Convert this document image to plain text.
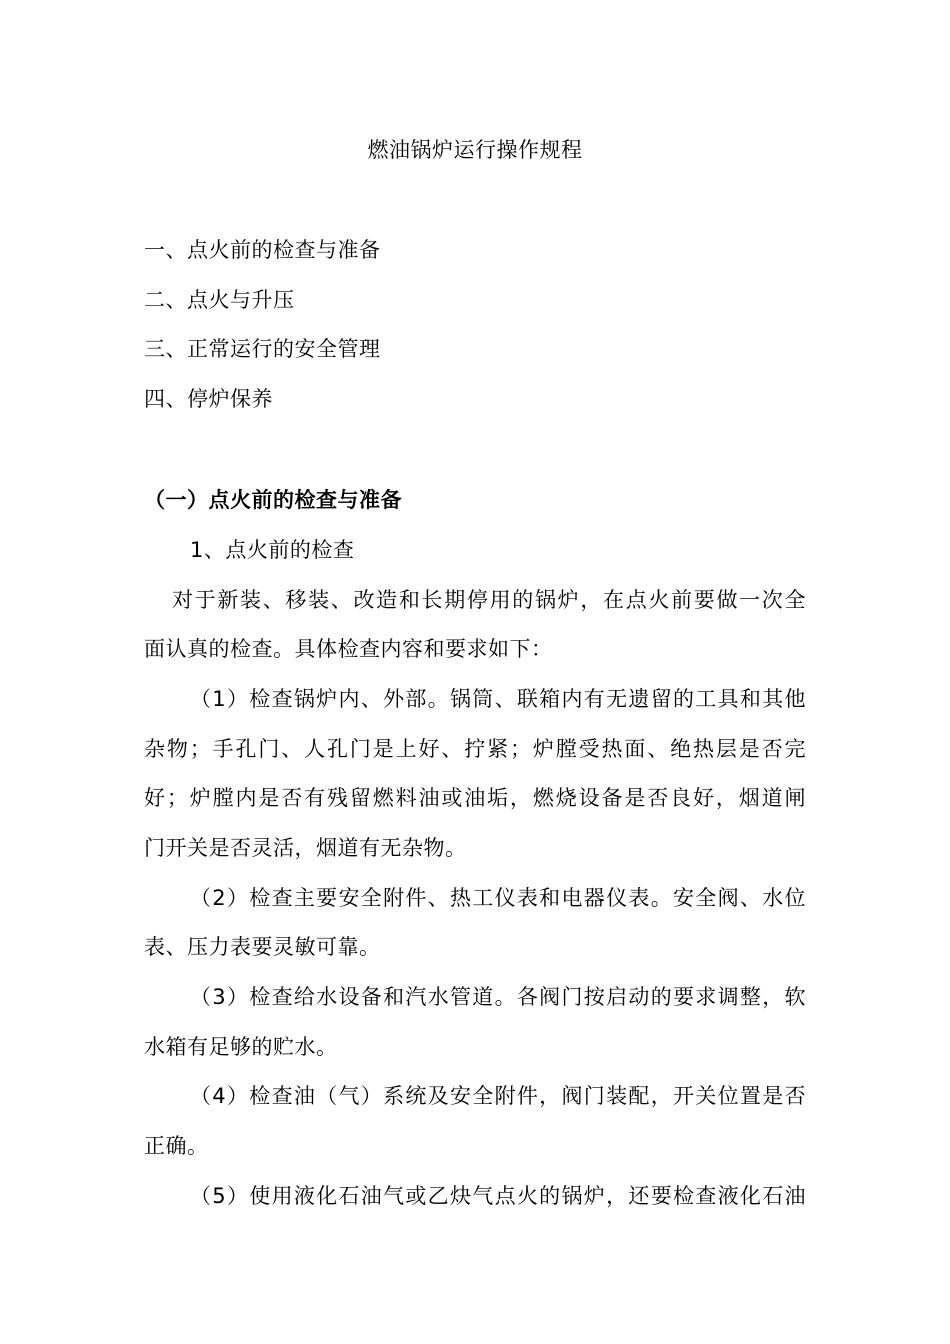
燃油锅炉运行操作规程
一、点火前的检查与准备
二、点火与升压
三、正常运行的安全管理
四、停炉保养
（一）点火前的检查与准备
1、点火前的检查
对于新装、移装、改造和长期停用的锅炉，在点火前要做一次全
面认真的检查。具体检查内容和要求如下：
（1）检查锅炉内、外部。锅筒、联箱内有无遗留的工具和其他
杂物；手孔门、人孔门是上好、拧紧；炉膛受热面、绝热层是否完
好；炉膛内是否有残留燃料油或油垢，燃烧设备是否良好，烟道闸
门开关是否灵活，烟道有无杂物。
（2）检查主要安全附件、热工仪表和电器仪表。安全阀、水位
表、压力表要灵敏可靠。
（3）检查给水设备和汽水管道。各阀门按启动的要求调整，软
水箱有足够的贮水。
（4）检查油（气）系统及安全附件，阀门装配，开关位置是否
正确。
（5）使用液化石油气或乙炔气点火的锅炉，还要检查液化石油
